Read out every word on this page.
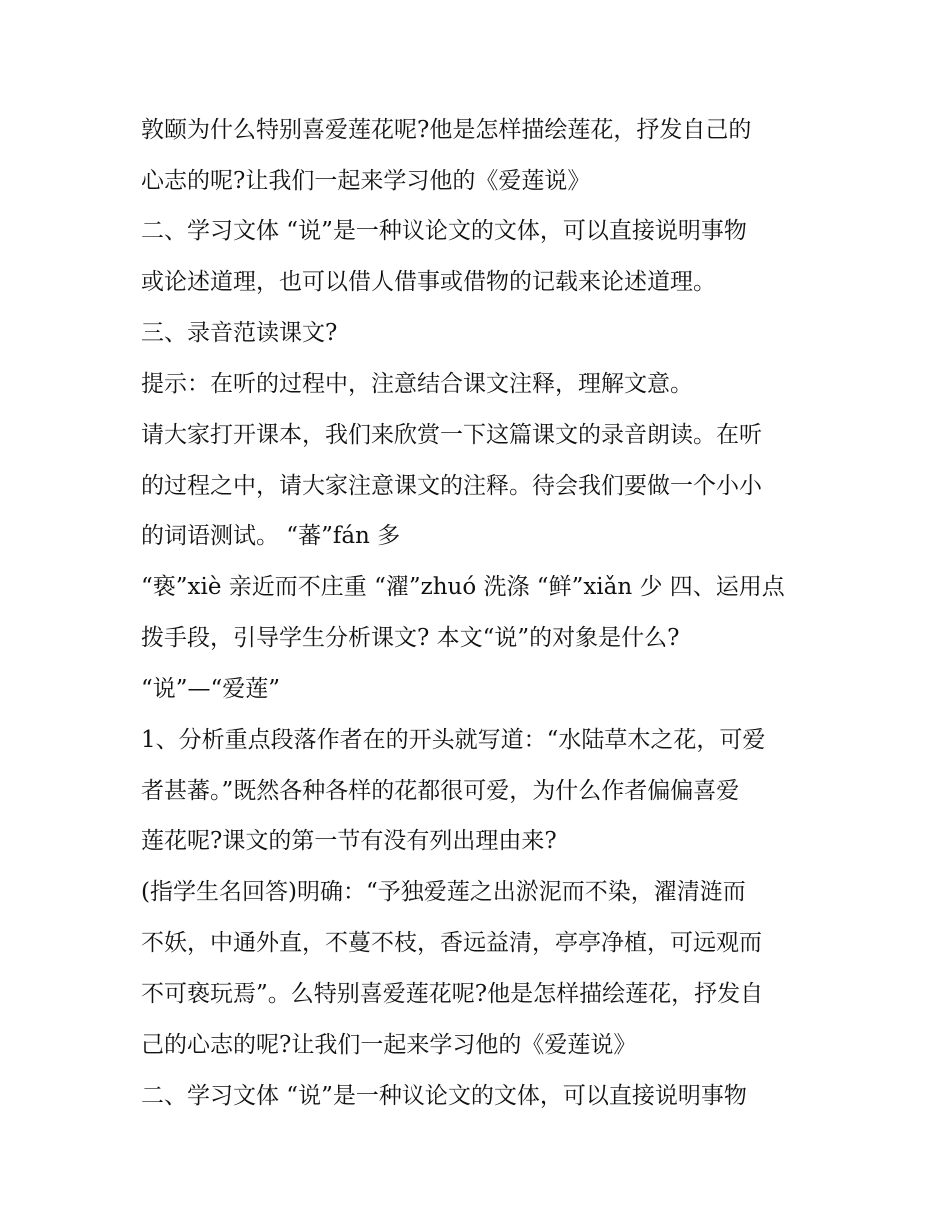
敦颐为什么特别喜爱莲花呢?他是怎样描绘莲花，抒发自己的
心志的呢?让我们一起来学习他的《爱莲说》
二、学习文体 “说”是一种议论文的文体，可以直接说明事物
或论述道理，也可以借人借事或借物的记载来论述道理。
三、录音范读课文?
提示：在听的过程中，注意结合课文注释，理解文意。
请大家打开课本，我们来欣赏一下这篇课文的录音朗读。在听
的过程之中，请大家注意课文的注释。待会我们要做一个小小
的词语测试。 “蕃”fán 多
“亵”xiè 亲近而不庄重 “濯”zhuó 洗涤 “鲜”xiǎn 少 四、运用点
拨手段，引导学生分析课文? 本文“说”的对象是什么?
“说”—“爱莲”
1、分析重点段落作者在的开头就写道：“水陆草木之花，可爱
者甚蕃。”既然各种各样的花都很可爱，为什么作者偏偏喜爱
莲花呢?课文的第一节有没有列出理由来?
(指学生名回答)明确：“予独爱莲之出淤泥而不染，濯清涟而
不妖，中通外直，不蔓不枝，香远益清，亭亭净植，可远观而
不可亵玩焉”。么特别喜爱莲花呢?他是怎样描绘莲花，抒发自
己的心志的呢?让我们一起来学习他的《爱莲说》
二、学习文体 “说”是一种议论文的文体，可以直接说明事物
